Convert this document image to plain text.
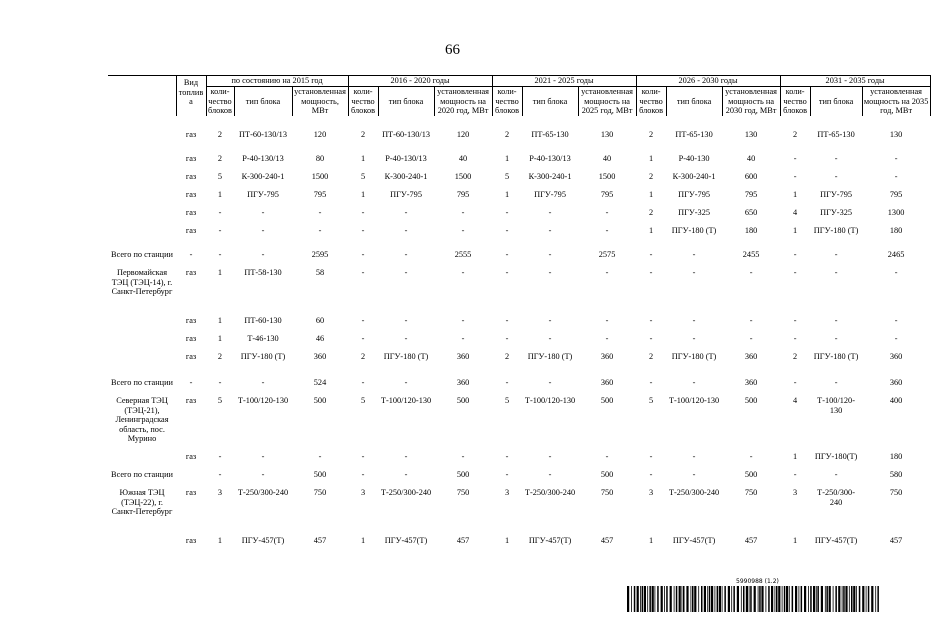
66
	Вид топлива	по состоянию на 2015 год			2016 - 2020 годы			2021 - 2025 годы			2026 - 2030 годы			2031 - 2035 годы		
		коли-чество блоков	тип блока	установленная мощность, МВт	коли-чество блоков	тип блока	установленная мощность на 2020 год, МВт	коли-чество блоков	тип блока	установленная мощность на 2025 год, МВт	коли-чество блоков	тип блока	установленная мощность на 2030 год, МВт	коли-чество блоков	тип блока	установленная мощность на 2035 год, МВт

	газ	2	ПТ-60-130/13	120	2	ПТ-60-130/13	120	2	ПТ-65-130	130	2	ПТ-65-130	130	2	ПТ-65-130	130
	газ	2	Р-40-130/13	80	1	Р-40-130/13	40	1	Р-40-130/13	40	1	Р-40-130	40	-	-	-
	газ	5	К-300-240-1	1500	5	К-300-240-1	1500	5	К-300-240-1	1500	2	К-300-240-1	600	-	-	-
	газ	1	ПГУ-795	795	1	ПГУ-795	795	1	ПГУ-795	795	1	ПГУ-795	795	1	ПГУ-795	795
	газ	-	-	-	-	-	-	-	-	-	2	ПГУ-325	650	4	ПГУ-325	1300
	газ	-	-	-	-	-	-	-	-	-	1	ПГУ-180 (Т)	180	1	ПГУ-180 (Т)	180
Всего по станции	-	-	-	2595	-	-	2555	-	-	2575	-	-	2455	-	-	2465
Первомайская ТЭЦ (ТЭЦ-14), г. Санкт-Петербург	газ	1	ПТ-58-130	58	-	-	-	-	-	-	-	-	-	-	-	-
	газ	1	ПТ-60-130	60	-	-	-	-	-	-	-	-	-	-	-	-
	газ	1	Т-46-130	46	-	-	-	-	-	-	-	-	-	-	-	-
	газ	2	ПГУ-180 (Т)	360	2	ПГУ-180 (Т)	360	2	ПГУ-180 (Т)	360	2	ПГУ-180 (Т)	360	2	ПГУ-180 (Т)	360
Всего по станции	-	-	-	524	-	-	360	-	-	360	-	-	360	-	-	360
Северная ТЭЦ (ТЭЦ-21), Ленинградская область, пос. Мурино	газ	5	Т-100/120-130	500	5	Т-100/120-130	500	5	Т-100/120-130	500	5	Т-100/120-130	500	4	Т-100/120-130	400
	газ	-	-	-	-	-	-	-	-	-	-	-	-	1	ПГУ-180(Т)	180
Всего по станции		-	-	500	-	-	500	-	-	500	-	-	500	-	-	580
Южная ТЭЦ (ТЭЦ-22), г. Санкт-Петербург	газ	3	Т-250/300-240	750	3	Т-250/300-240	750	3	Т-250/300-240	750	3	Т-250/300-240	750	3	Т-250/300-240	750
	газ	1	ПГУ-457(Т)	457	1	ПГУ-457(Т)	457	1	ПГУ-457(Т)	457	1	ПГУ-457(Т)	457	1	ПГУ-457(Т)	457
5990988 (1.2)
